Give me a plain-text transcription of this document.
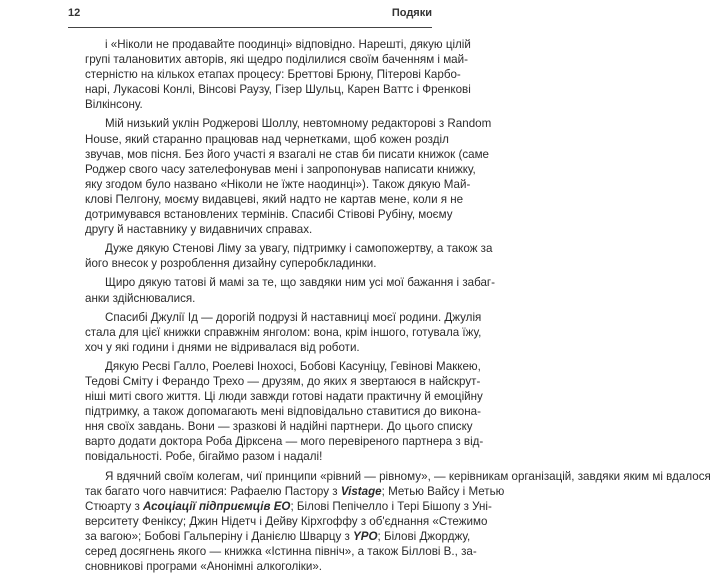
12	Подяки

і «Ніколи не продавайте поодинці» відповідно. Нарешті, дякую цілій
групі талановитих авторів, які щедро поділилися своїм баченням і май-
стерністю на кількох етапах процесу: Бреттові Брюну, Пітерові Карбо-
нарі, Лукасові Конлі, Вінсові Раузу, Гізер Шульц, Карен Ваттс і Френкові
Вілкінсону.

Мій низький уклін Роджерові Шоллу, невтомному редакторові з Random
House, який старанно працював над чернетками, щоб кожен розділ
звучав, мов пісня. Без його участі я взагалі не став би писати книжок (саме
Роджер свого часу зателефонував мені і запропонував написати книжку,
яку згодом було названо «Ніколи не їжте наодинці»). Також дякую Май-
клові Пелгону, моєму видавцеві, який надто не картав мене, коли я не
дотримувався встановлених термінів. Спасибі Стівові Рубіну, моєму
другу й наставнику у видавничих справах.

Дуже дякую Стенові Ліму за увагу, підтримку і самопожертву, а також за
його внесок у розроблення дизайну суперобкладинки.

Щиро дякую татові й мамі за те, що завдяки ним усі мої бажання і забаг-
анки здійснювалися.

Спасибі Джулії Ід — дорогій подрузі й наставниці моєї родини. Джулія
стала для цієї книжки справжнім янголом: вона, крім іншого, готувала їжу,
хоч у які години і днями не відривалася від роботи.

Дякую Ресві Галло, Роелеві Інохосі, Бобові Касуніцу, Гевінові Маккею,
Тедові Сміту і Ферандо Трехо — друзям, до яких я звертаюся в найскрут-
ніші миті свого життя. Ці люди завжди готові надати практичну й емоційну
підтримку, а також допомагають мені відповідально ставитися до викона-
ння своїх завдань. Вони — зразкові й надійні партнери. До цього списку
варто додати доктора Роба Діркcена — мого перевіреного партнера з від-
повідальності. Робе, бігаймо разом і надалі!

Я вдячний своїм колегам, чиї принципи «рівний — рівному», — керівникам організацій, завдяки яким мі вдалося
так багато чого навчитися: Рафаелю Пастору з Vistage; Метью Вайсу і Метью
Стюарту з Асоціації підприємців ЕО; Білові Пепічелло і Тері Бішопу з Уні-
верситету Феніксу; Джин Нідетч і Дейву Кірхгоффу з об'єднання «Стежимо
за вагою»; Бобові Гальперіну і Данієлю Шварцу з YPO; Білові Джорджу,
серед досягнень якого — книжка «Істинна північ», а також Біллові В., за-
сновникові програми «Анонімні алкоголіки».
